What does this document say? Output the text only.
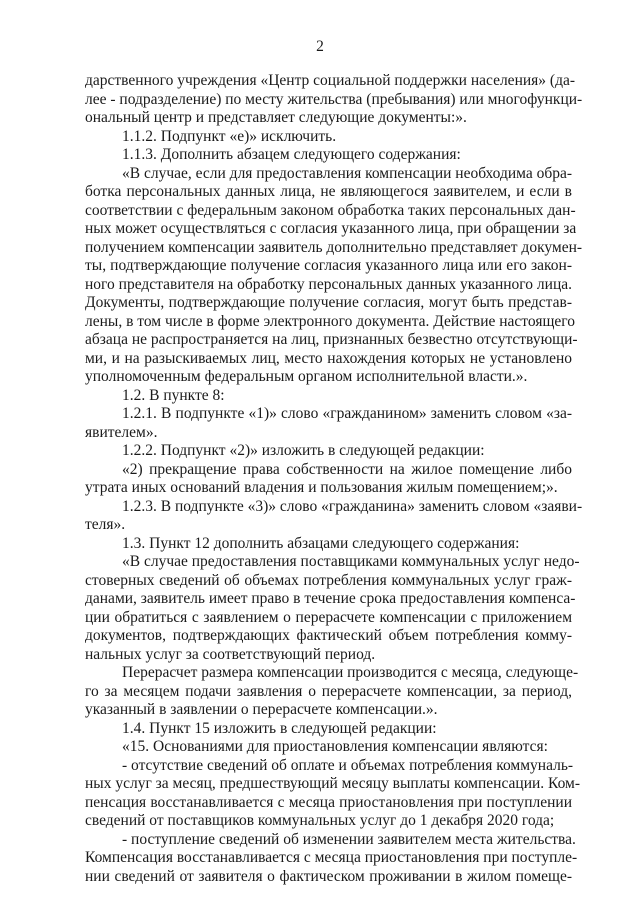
2
дарственного учреждения «Центр социальной поддержки населения» (да-
лее - подразделение) по месту жительства (пребывания) или многофункци-
ональный центр и представляет следующие документы:».
1.1.2. Подпункт «е)» исключить.
1.1.3. Дополнить абзацем следующего содержания:
«В случае, если для предоставления компенсации необходима обра-
ботка персональных данных лица, не являющегося заявителем, и если в
соответствии с федеральным законом обработка таких персональных дан-
ных может осуществляться с согласия указанного лица, при обращении за
получением компенсации заявитель дополнительно представляет докумен-
ты, подтверждающие получение согласия указанного лица или его закон-
ного представителя на обработку персональных данных указанного лица.
Документы, подтверждающие получение согласия, могут быть представ-
лены, в том числе в форме электронного документа. Действие настоящего
абзаца не распространяется на лиц, признанных безвестно отсутствующи-
ми, и на разыскиваемых лиц, место нахождения которых не установлено
уполномоченным федеральным органом исполнительной власти.».
1.2. В пункте 8:
1.2.1. В подпункте «1)» слово «гражданином» заменить словом «за-
явителем».
1.2.2. Подпункт «2)» изложить в следующей редакции:
«2) прекращение права собственности на жилое помещение либо
утрата иных оснований владения и пользования жилым помещением;».
1.2.3. В подпункте «3)» слово «гражданина» заменить словом «заяви-
теля».
1.3. Пункт 12 дополнить абзацами следующего содержания:
«В случае предоставления поставщиками коммунальных услуг недо-
стоверных сведений об объемах потребления коммунальных услуг граж-
данами, заявитель имеет право в течение срока предоставления компенса-
ции обратиться с заявлением о перерасчете компенсации с приложением
документов, подтверждающих фактический объем потребления комму-
нальных услуг за соответствующий период.
Перерасчет размера компенсации производится с месяца, следующе-
го за месяцем подачи заявления о перерасчете компенсации, за период,
указанный в заявлении о перерасчете компенсации.».
1.4. Пункт 15 изложить в следующей редакции:
«15. Основаниями для приостановления компенсации являются:
- отсутствие сведений об оплате и объемах потребления коммуналь-
ных услуг за месяц, предшествующий месяцу выплаты компенсации. Ком-
пенсация восстанавливается с месяца приостановления при поступлении
сведений от поставщиков коммунальных услуг до 1 декабря 2020 года;
- поступление сведений об изменении заявителем места жительства.
Компенсация восстанавливается с месяца приостановления при поступле-
нии сведений от заявителя о фактическом проживании в жилом помеще-
